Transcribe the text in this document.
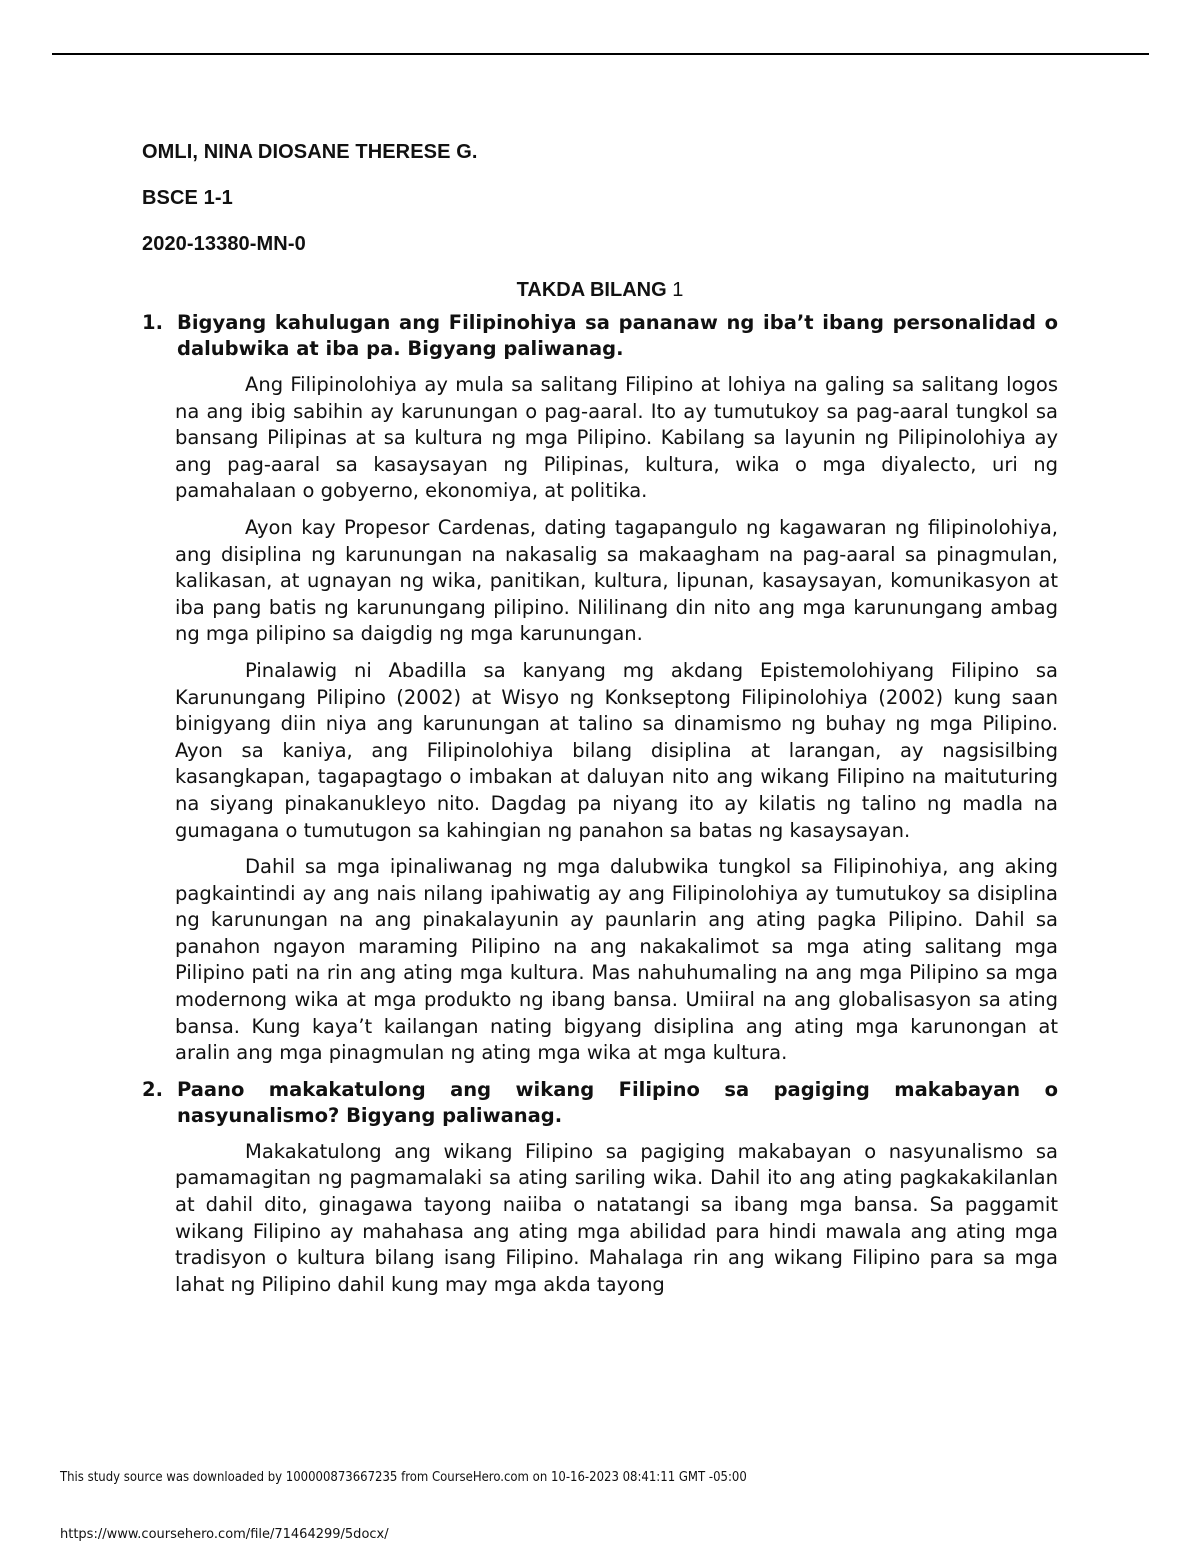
OMLI, NINA DIOSANE THERESE G.
BSCE 1-1
2020-13380-MN-0
TAKDA BILANG 1
1. Bigyang kahulugan ang Filipinohiya sa pananaw ng iba’t ibang personalidad o dalubwika at iba pa. Bigyang paliwanag.

Ang Filipinolohiya ay mula sa salitang Filipino at lohiya na galing sa salitang logos na ang ibig sabihin ay karunungan o pag-aaral. Ito ay tumutukoy sa pag-aaral tungkol sa bansang Pilipinas at sa kultura ng mga Pilipino. Kabilang sa layunin ng Pilipinolohiya ay ang pag-aaral sa kasaysayan ng Pilipinas, kultura, wika o mga diyalecto, uri ng pamahalaan o gobyerno, ekonomiya, at politika.

Ayon kay Propesor Cardenas, dating tagapangulo ng kagawaran ng filipinolohiya, ang disiplina ng karunungan na nakasalig sa makaagham na pag-aaral sa pinagmulan, kalikasan, at ugnayan ng wika, panitikan, kultura, lipunan, kasaysayan, komunikasyon at iba pang batis ng karunungang pilipino. Nililinang din nito ang mga karunungang ambag ng mga pilipino sa daigdig ng mga karunungan.

Pinalawig ni Abadilla sa kanyang mg akdang Epistemolohiyang Filipino sa Karunungang Pilipino (2002) at Wisyo ng Konkseptong Filipinolohiya (2002) kung saan binigyang diin niya ang karunungan at talino sa dinamismo ng buhay ng mga Pilipino. Ayon sa kaniya, ang Filipinolohiya bilang disiplina at larangan, ay nagsisilbing kasangkapan, tagapagtago o imbakan at daluyan nito ang wikang Filipino na maituturing na siyang pinakanukleyo nito. Dagdag pa niyang ito ay kilatis ng talino ng madla na gumagana o tumutugon sa kahingian ng panahon sa batas ng kasaysayan.

Dahil sa mga ipinaliwanag ng mga dalubwika tungkol sa Filipinohiya, ang aking pagkaintindi ay ang nais nilang ipahiwatig ay ang Filipinolohiya ay tumutukoy sa disiplina ng karunungan na ang pinakalayunin ay paunlarin ang ating pagka Pilipino. Dahil sa panahon ngayon maraming Pilipino na ang nakakalimot sa mga ating salitang mga Pilipino pati na rin ang ating mga kultura. Mas nahuhumaling na ang mga Pilipino sa mga modernong wika at mga produkto ng ibang bansa. Umiiral na ang globalisasyon sa ating bansa. Kung kaya’t kailangan nating bigyang disiplina ang ating mga karunongan at aralin ang mga pinagmulan ng ating mga wika at mga kultura.

2. Paano makakatulong ang wikang Filipino sa pagiging makabayan o nasyunalismo? Bigyang paliwanag.

Makakatulong ang wikang Filipino sa pagiging makabayan o nasyunalismo sa pamamagitan ng pagmamalaki sa ating sariling wika. Dahil ito ang ating pagkakakilanlan at dahil dito, ginagawa tayong naiiba o natatangi sa ibang mga bansa. Sa paggamit wikang Filipino ay mahahasa ang ating mga abilidad para hindi mawala ang ating mga tradisyon o kultura bilang isang Filipino. Mahalaga rin ang wikang Filipino para sa mga lahat ng Pilipino dahil kung may mga akda tayong

This study source was downloaded by 100000873667235 from CourseHero.com on 10-16-2023 08:41:11 GMT -05:00
https://www.coursehero.com/file/71464299/5docx/
